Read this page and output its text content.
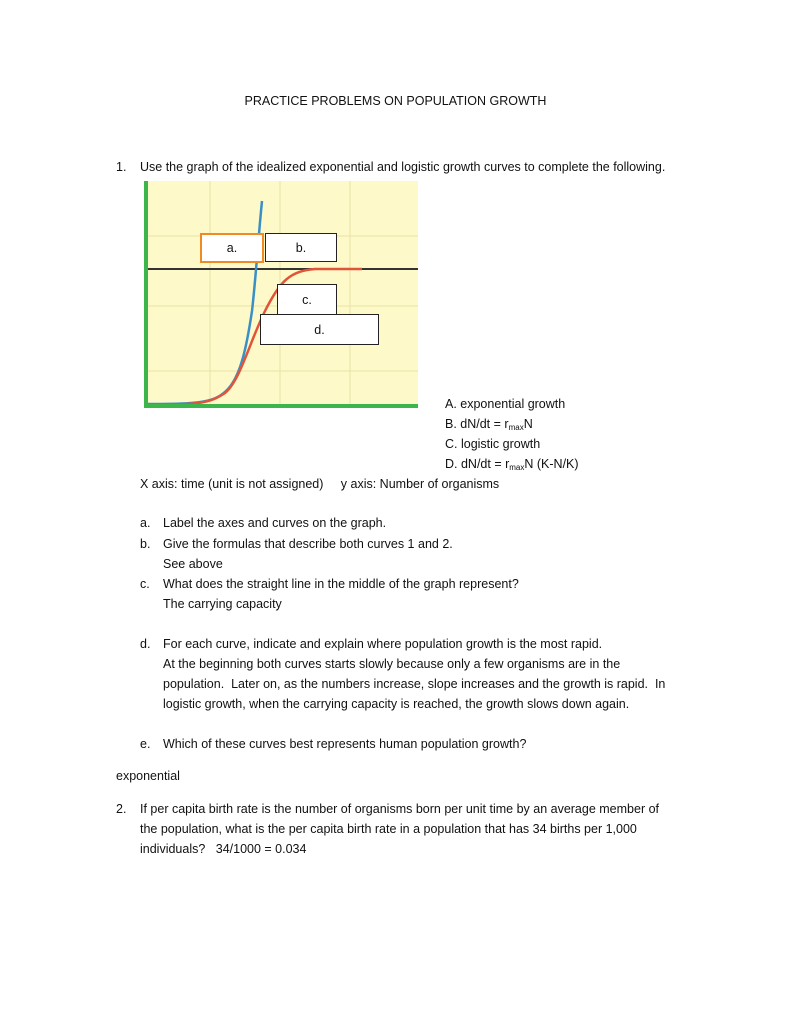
PRACTICE PROBLEMS ON POPULATION GROWTH
1. Use the graph of the idealized exponential and logistic growth curves to complete the following.
a.	b.
c.
d.
A. exponential growth
B. $dN/dt = r_{max}N$
C. logistic growth
D. $dN/dt = r_{max}N$ (K-N/K)
X axis: time (unit is not assigned)     y axis: Number of organisms
a. Label the axes and curves on the graph.
b. Give the formulas that describe both curves 1 and 2.
See above
c. What does the straight line in the middle of the graph represent?
The carrying capacity
d. For each curve, indicate and explain where population growth is the most rapid.
At the beginning both curves starts slowly because only a few organisms are in the
population.  Later on, as the numbers increase, slope increases and the growth is rapid.  In
logistic growth, when the carrying capacity is reached, the growth slows down again.
e. Which of these curves best represents human population growth?
exponential
2. If per capita birth rate is the number of organisms born per unit time by an average member of
the population, what is the per capita birth rate in a population that has 34 births per 1,000
individuals?   34/1000 = 0.034
